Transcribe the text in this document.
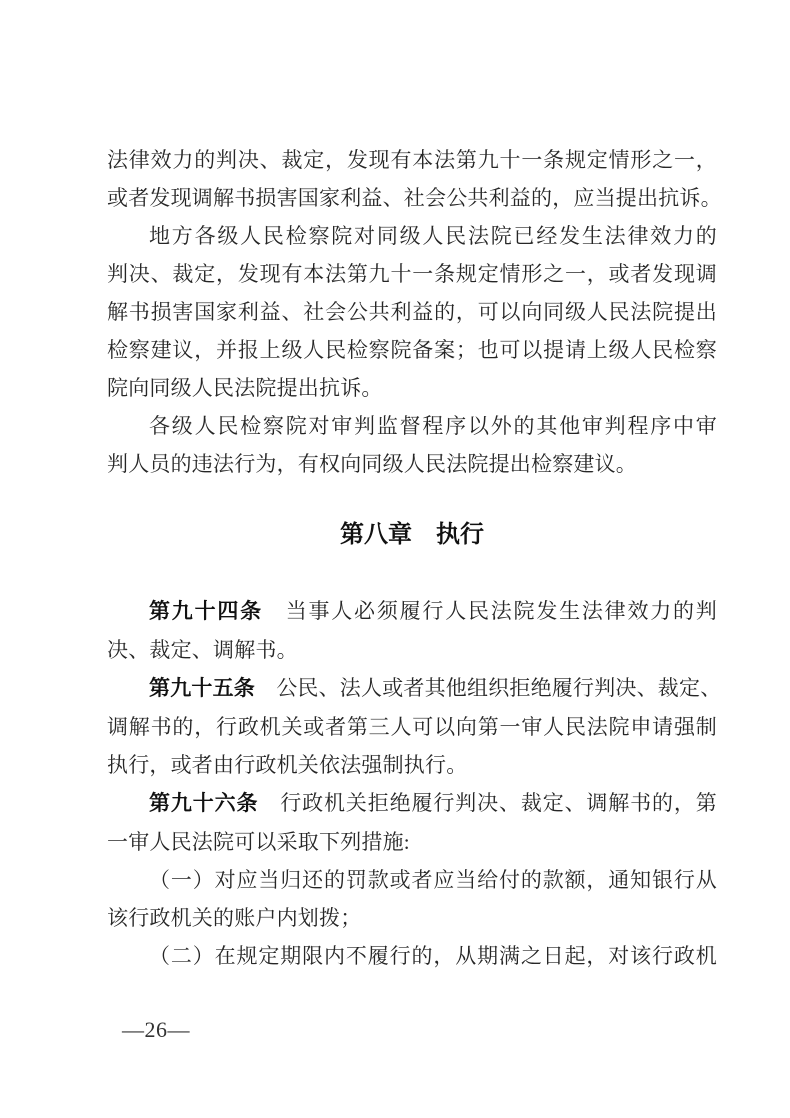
法律效力的判决、裁定，发现有本法第九十一条规定情形之一，
或者发现调解书损害国家利益、社会公共利益的，应当提出抗诉。
地方各级人民检察院对同级人民法院已经发生法律效力的
判决、裁定，发现有本法第九十一条规定情形之一，或者发现调
解书损害国家利益、社会公共利益的，可以向同级人民法院提出
检察建议，并报上级人民检察院备案；也可以提请上级人民检察
院向同级人民法院提出抗诉。
各级人民检察院对审判监督程序以外的其他审判程序中审
判人员的违法行为，有权向同级人民法院提出检察建议。
第八章　执行
第九十四条　当事人必须履行人民法院发生法律效力的判
决、裁定、调解书。
第九十五条　公民、法人或者其他组织拒绝履行判决、裁定、
调解书的，行政机关或者第三人可以向第一审人民法院申请强制
执行，或者由行政机关依法强制执行。
第九十六条　行政机关拒绝履行判决、裁定、调解书的，第
一审人民法院可以采取下列措施:
（一）对应当归还的罚款或者应当给付的款额，通知银行从
该行政机关的账户内划拨；
（二）在规定期限内不履行的，从期满之日起，对该行政机
—26—
